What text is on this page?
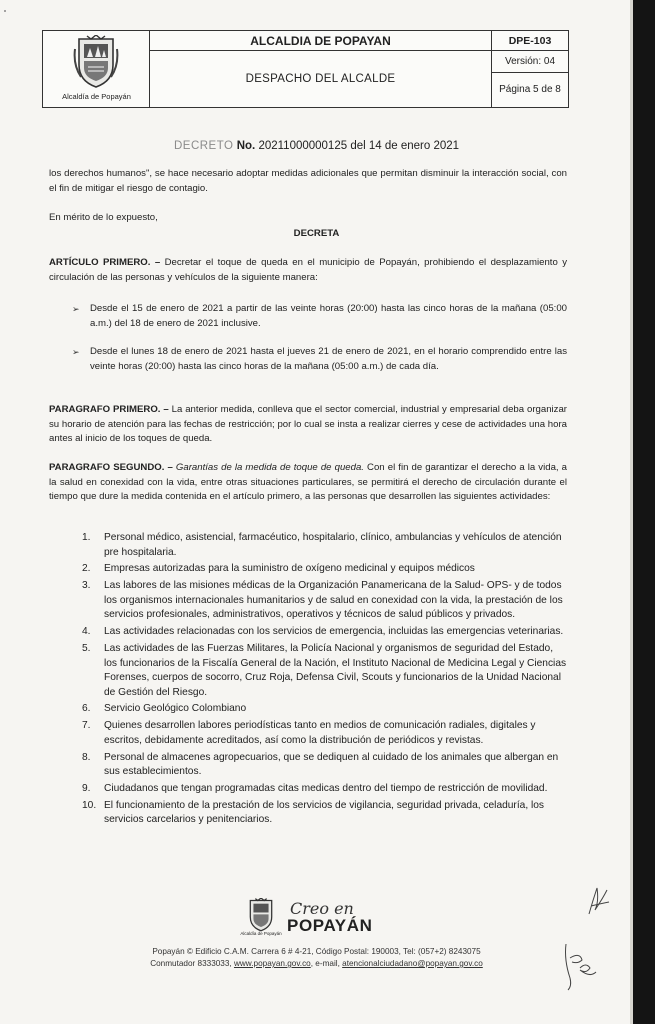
Alcaldía de Popayán
ALCALDIA DE POPAYAN
DESPACHO DEL ALCALDE
DPE-103
Versión: 04
Página 5 de 8
DECRETO No. 20211000000125 del 14 de enero 2021
los derechos humanos", se hace necesario adoptar medidas adicionales que permitan disminuir la interacción social, con el fin de mitigar el riesgo de contagio.
En mérito de lo expuesto,
DECRETA
ARTÍCULO PRIMERO. – Decretar el toque de queda en el municipio de Popayán, prohibiendo el desplazamiento y circulación de las personas y vehículos de la siguiente manera:
➢ Desde el 15 de enero de 2021 a partir de las veinte horas (20:00) hasta las cinco horas de la mañana (05:00 a.m.) del 18 de enero de 2021 inclusive.
➢ Desde el lunes 18 de enero de 2021 hasta el jueves 21 de enero de 2021, en el horario comprendido entre las veinte horas (20:00) hasta las cinco horas de la mañana (05:00 a.m.) de cada día.
PARAGRAFO PRIMERO. – La anterior medida, conlleva que el sector comercial, industrial y empresarial deba organizar su horario de atención para las fechas de restricción; por lo cual se insta a realizar cierres y cese de actividades una hora antes al inicio de los toques de queda.
PARAGRAFO SEGUNDO. – Garantías de la medida de toque de queda. Con el fin de garantizar el derecho a la vida, a la salud en conexidad con la vida, entre otras situaciones particulares, se permitirá el derecho de circulación durante el tiempo que dure la medida contenida en el artículo primero, a las personas que desarrollen las siguientes actividades:
1.	Personal médico, asistencial, farmacéutico, hospitalario, clínico, ambulancias y vehículos de atención pre hospitalaria.
2.	Empresas autorizadas para la suministro de oxígeno medicinal y equipos médicos
3.	Las labores de las misiones médicas de la Organización Panamericana de la Salud- OPS- y de todos los organismos internacionales humanitarios y de salud en conexidad con la vida, la prestación de los servicios profesionales, administrativos, operativos y técnicos de salud públicos y privados.
4.	Las actividades relacionadas con los servicios de emergencia, incluidas las emergencias veterinarias.
5.	Las actividades de las Fuerzas Militares, la Policía Nacional y organismos de seguridad del Estado, los funcionarios de la Fiscalía General de la Nación, el Instituto Nacional de Medicina Legal y Ciencias Forenses, cuerpos de socorro, Cruz Roja, Defensa Civil, Scouts y funcionarios de la Unidad Nacional de Gestión del Riesgo.
6.	Servicio Geológico Colombiano
7.	Quienes desarrollen labores periodísticas tanto en medios de comunicación radiales, digitales y escritos, debidamente acreditados, así como la distribución de periódicos y revistas.
8.	Personal de almacenes agropecuarios, que se dediquen al cuidado de los animales que albergan en sus establecimientos.
9.	Ciudadanos que tengan programadas citas medicas dentro del tiempo de restricción de movilidad.
10. El funcionamiento de la prestación de los servicios de vigilancia, seguridad privada, celaduría, los servicios carcelarios y penitenciarios.
Alcaldía de Popayán
Creo en
POPAYÁN
Popayán © Edificio C.A.M. Carrera 6 # 4-21, Código Postal: 190003, Tel: (057+2) 8243075
Conmutador 8333033, www.popayan.gov.co, e-mail, atencionalciudadano@popayan.gov.co
